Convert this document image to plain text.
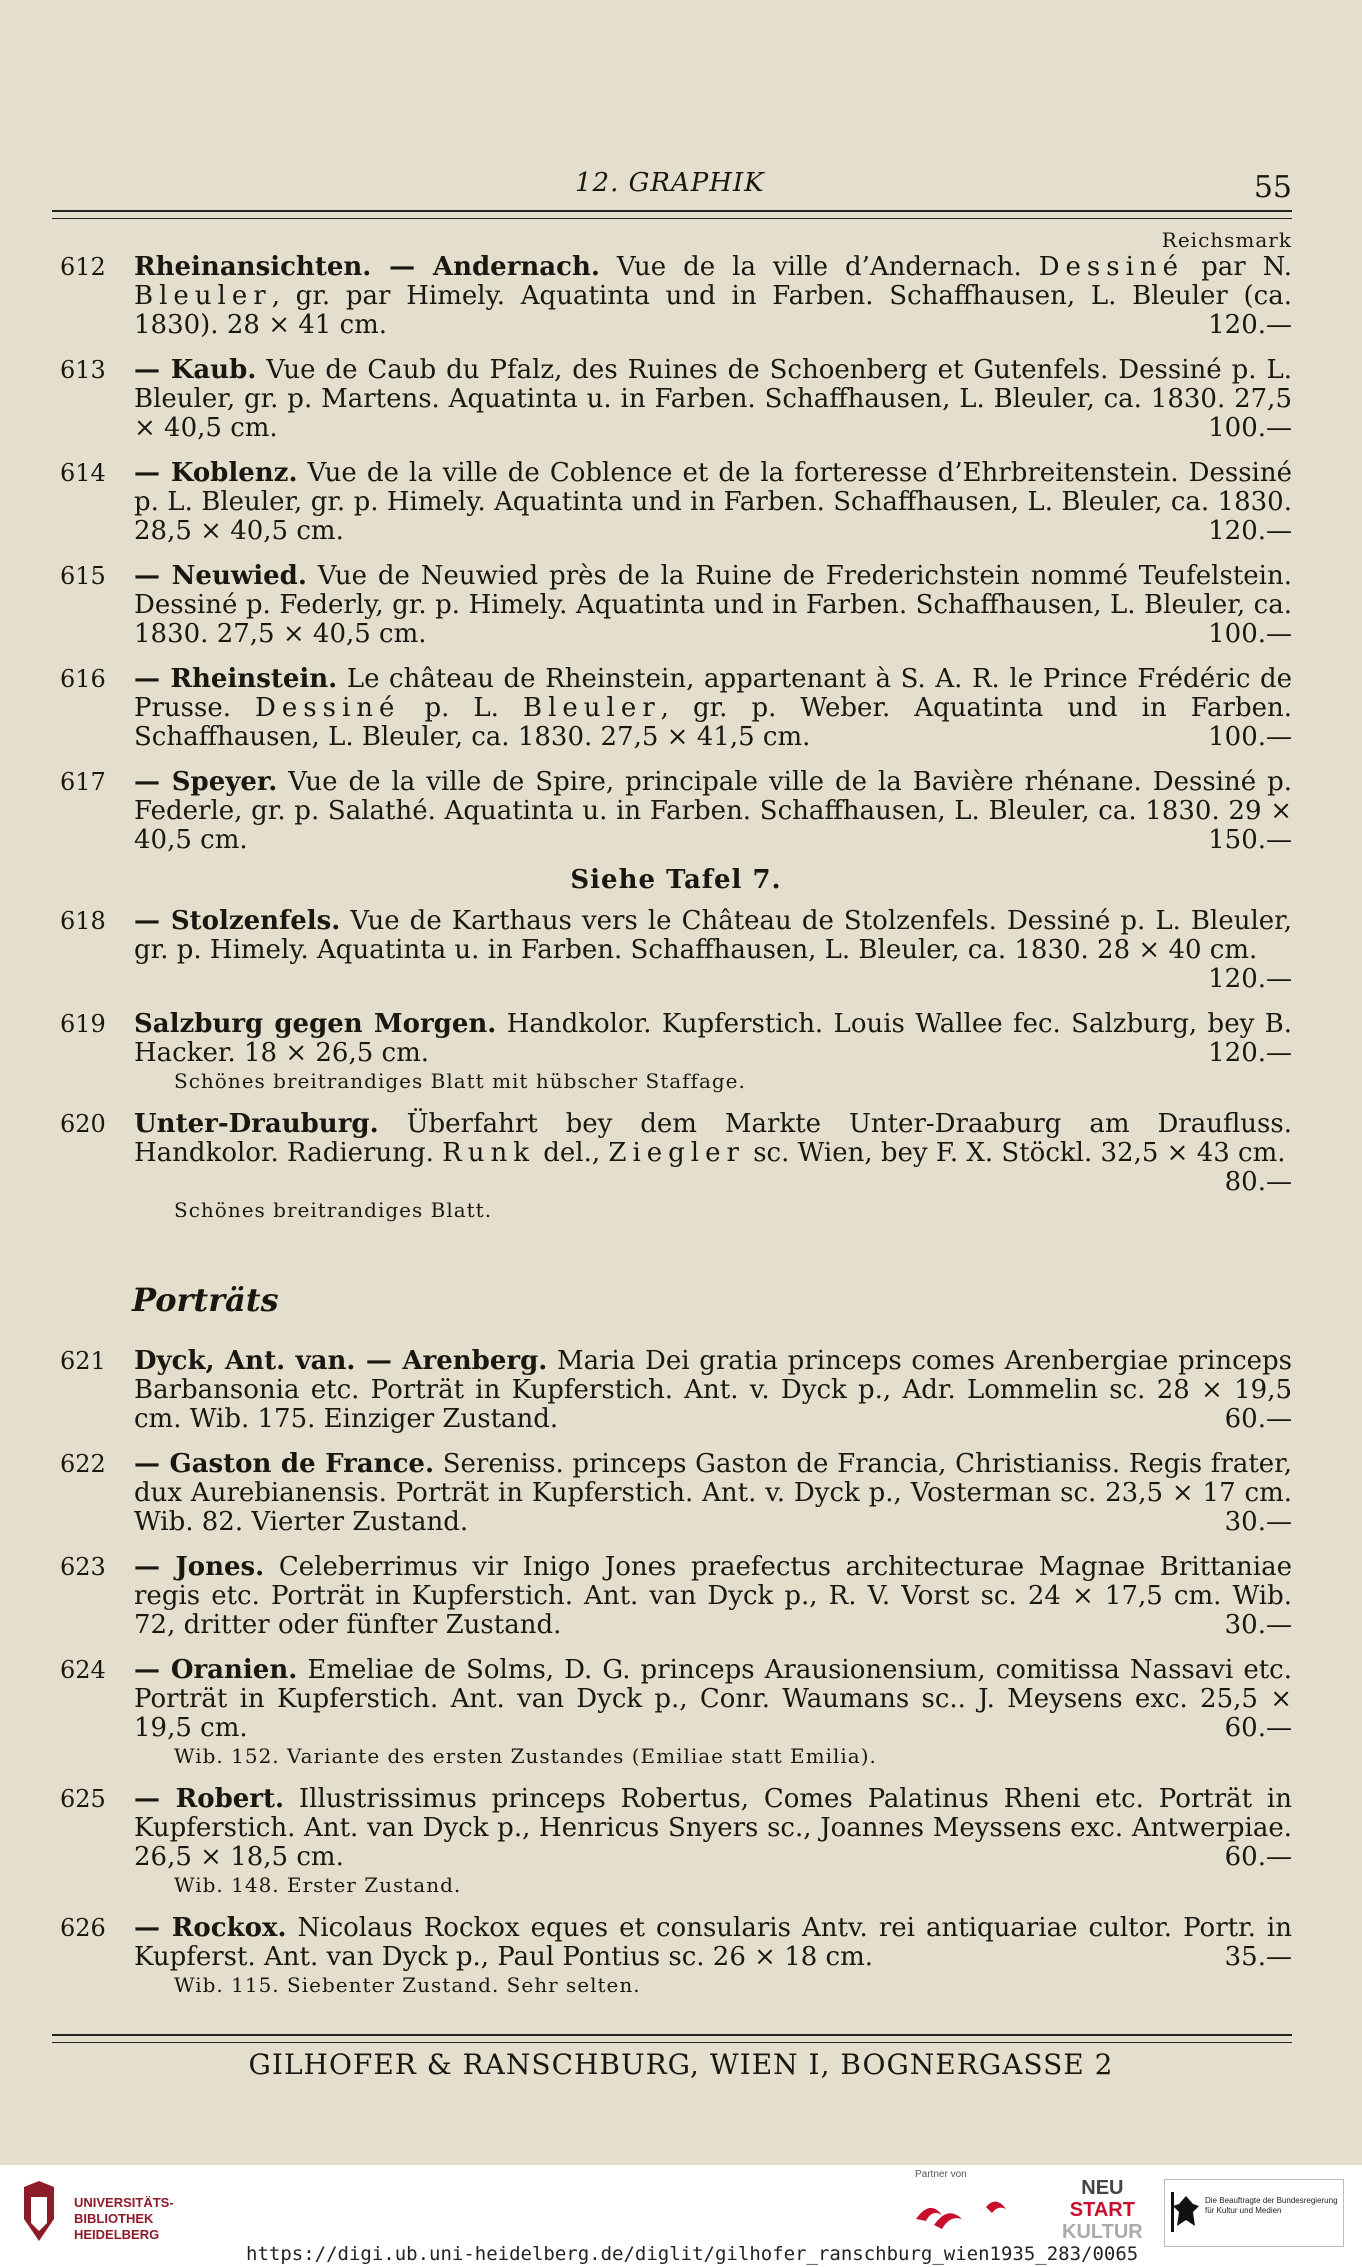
12. GRAPHIK	55
Reichsmark
612 Rheinansichten. — Andernach. Vue de la ville d’Andernach. Dessiné par N. Bleuler, gr. par Himely. Aquatinta und in Farben. Schaffhausen, L. Bleuler (ca. 1830). 28 × 41 cm.	120.—
613 — Kaub. Vue de Caub du Pfalz, des Ruines de Schoenberg et Gutenfels. Dessiné p. L. Bleuler, gr. p. Martens. Aquatinta u. in Farben. Schaffhausen, L. Bleuler, ca. 1830. 27,5 × 40,5 cm.	100.—
614 — Koblenz. Vue de la ville de Coblence et de la forteresse d’Ehrbreitenstein. Dessiné p. L. Bleuler, gr. p. Himely. Aquatinta und in Farben. Schaffhausen, L. Bleuler, ca. 1830. 28,5 × 40,5 cm.	120.—
615 — Neuwied. Vue de Neuwied près de la Ruine de Frederichstein nommé Teufelstein. Dessiné p. Federly, gr. p. Himely. Aquatinta und in Farben. Schaffhausen, L. Bleuler, ca. 1830. 27,5 × 40,5 cm.	100.—
616 — Rheinstein. Le château de Rheinstein, appartenant à S. A. R. le Prince Frédéric de Prusse. Dessiné p. L. Bleuler, gr. p. Weber. Aquatinta und in Farben. Schaffhausen, L. Bleuler, ca. 1830. 27,5 × 41,5 cm.	100.—
617 — Speyer. Vue de la ville de Spire, principale ville de la Bavière rhénane. Dessiné p. Federle, gr. p. Salathé. Aquatinta u. in Farben. Schaffhausen, L. Bleuler, ca. 1830. 29 × 40,5 cm.	150.—
Siehe Tafel 7.
618 — Stolzenfels. Vue de Karthaus vers le Château de Stolzenfels. Dessiné p. L. Bleuler, gr. p. Himely. Aquatinta u. in Farben. Schaffhausen, L. Bleuler, ca. 1830. 28 × 40 cm.
120.—
619 Salzburg gegen Morgen. Handkolor. Kupferstich. Louis Wallee fec. Salzburg, bey B. Hacker. 18 × 26,5 cm.	120.—
Schönes breitrandiges Blatt mit hübscher Staffage.
620 Unter-Drauburg. Überfahrt bey dem Markte Unter-Draaburg am Draufluss. Handkolor. Radierung. Runk del., Ziegler sc. Wien, bey F. X. Stöckl. 32,5 × 43 cm.
80.—
Schönes breitrandiges Blatt.
Porträts
621 Dyck, Ant. van. — Arenberg. Maria Dei gratia princeps comes Arenbergiae princeps Barbansonia etc. Porträt in Kupferstich. Ant. v. Dyck p., Adr. Lommelin sc. 28 × 19,5 cm. Wib. 175. Einziger Zustand.	60.—
622 — Gaston de France. Sereniss. princeps Gaston de Francia, Christianiss. Regis frater, dux Aurebianensis. Porträt in Kupferstich. Ant. v. Dyck p., Vosterman sc. 23,5 × 17 cm. Wib. 82. Vierter Zustand.	30.—
623 — Jones. Celeberrimus vir Inigo Jones praefectus architecturae Magnae Brittaniae regis etc. Porträt in Kupferstich. Ant. van Dyck p., R. V. Vorst sc. 24 × 17,5 cm. Wib. 72, dritter oder fünfter Zustand.	30.—
624 — Oranien. Emeliae de Solms, D. G. princeps Arausionensium, comitissa Nassavi etc. Porträt in Kupferstich. Ant. van Dyck p., Conr. Waumans sc.. J. Meysens exc. 25,5 × 19,5 cm.	60.—
Wib. 152. Variante des ersten Zustandes (Emiliae statt Emilia).
625 — Robert. Illustrissimus princeps Robertus, Comes Palatinus Rheni etc. Porträt in Kupferstich. Ant. van Dyck p., Henricus Snyers sc., Joannes Meyssens exc. Antwerpiae. 26,5 × 18,5 cm.	60.—
Wib. 148. Erster Zustand.
626 — Rockox. Nicolaus Rockox eques et consularis Antv. rei antiquariae cultor. Portr. in Kupferst. Ant. van Dyck p., Paul Pontius sc. 26 × 18 cm.	35.—
Wib. 115. Siebenter Zustand. Sehr selten.
GILHOFER & RANSCHBURG, WIEN I, BOGNERGASSE 2
UNIVERSITÄTS-
BIBLIOTHEK
HEIDELBERG
Partner von
NEU
START
KULTUR
Die Beauftragte der Bundesregierung
für Kultur und Medien
https://digi.ub.uni-heidelberg.de/diglit/gilhofer_ranschburg_wien1935_283/0065
